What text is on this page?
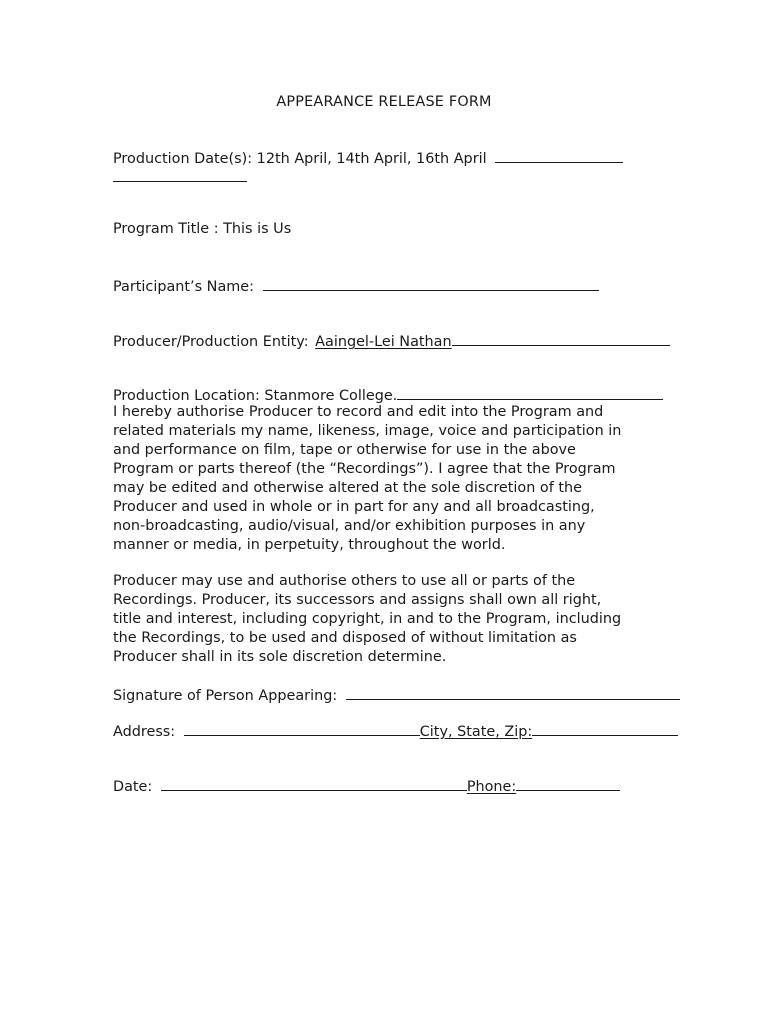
APPEARANCE RELEASE FORM
Production Date(s): 12th April, 14th April, 16th April
Program Title : This is Us
Participant’s Name:
Producer/Production Entity: Aaingel-Lei Nathan
Production Location: Stanmore College.

I hereby authorise Producer to record and edit into the Program and

related materials my name, likeness, image, voice and participation in

and performance on film, tape or otherwise for use in the above

Program or parts thereof (the “Recordings”). I agree that the Program

may be edited and otherwise altered at the sole discretion of the

Producer and used in whole or in part for any and all broadcasting,

non-broadcasting, audio/visual, and/or exhibition purposes in any

manner or media, in perpetuity, throughout the world.

Producer may use and authorise others to use all or parts of the

Recordings. Producer, its successors and assigns shall own all right,

title and interest, including copyright, in and to the Program, including

the Recordings, to be used and disposed of without limitation as

Producer shall in its sole discretion determine.

Signature of Person Appearing:
Address:	City, State, Zip:
Date:	Phone:
